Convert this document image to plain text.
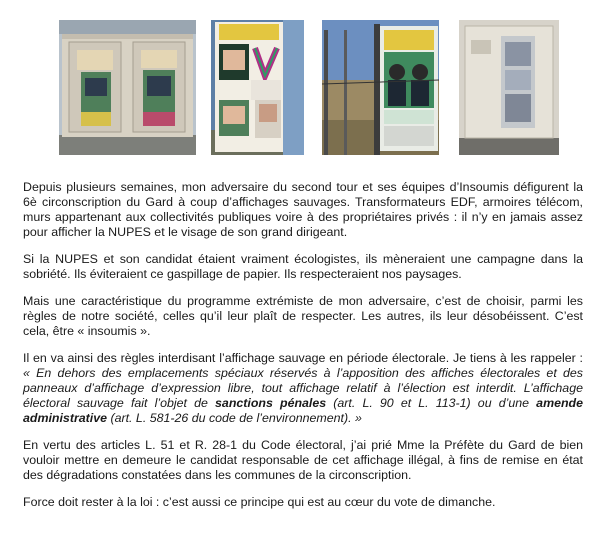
Depuis plusieurs semaines, mon adversaire du second tour et ses équipes d’Insoumis défigurent la 6è circonscription du Gard à coup d’affichages sauvages. Transformateurs EDF, armoires télécom, murs appartenant aux collectivités publiques voire à des propriétaires privés : il n’y en jamais assez pour afficher la NUPES et le visage de son grand dirigeant.

Si la NUPES et son candidat étaient vraiment écologistes, ils mèneraient une campagne dans la sobriété. Ils éviteraient ce gaspillage de papier. Ils respecteraient nos paysages.

Mais une caractéristique du programme extrémiste de mon adversaire, c’est de choisir, parmi les règles de notre société, celles qu’il leur plaît de respecter. Les autres, ils leur désobéissent. C’est cela, être « insoumis ».

Il en va ainsi des règles interdisant l’affichage sauvage en période électorale. Je tiens à les rappeler : « En dehors des emplacements spéciaux réservés à l’apposition des affiches électorales et des panneaux d’affichage d’expression libre, tout affichage relatif à l’élection est interdit. L’affichage électoral sauvage fait l’objet de sanctions pénales (art. L. 90 et L. 113-1) ou d’une amende administrative (art. L. 581-26 du code de l’environnement). »

En vertu des articles L. 51 et R. 28-1 du Code électoral, j’ai prié Mme la Préfète du Gard de bien vouloir mettre en demeure le candidat responsable de cet affichage illégal, à fins de remise en état des dégradations constatées dans les communes de la circonscription.

Force doit rester à la loi : c’est aussi ce principe qui est au cœur du vote de dimanche.
